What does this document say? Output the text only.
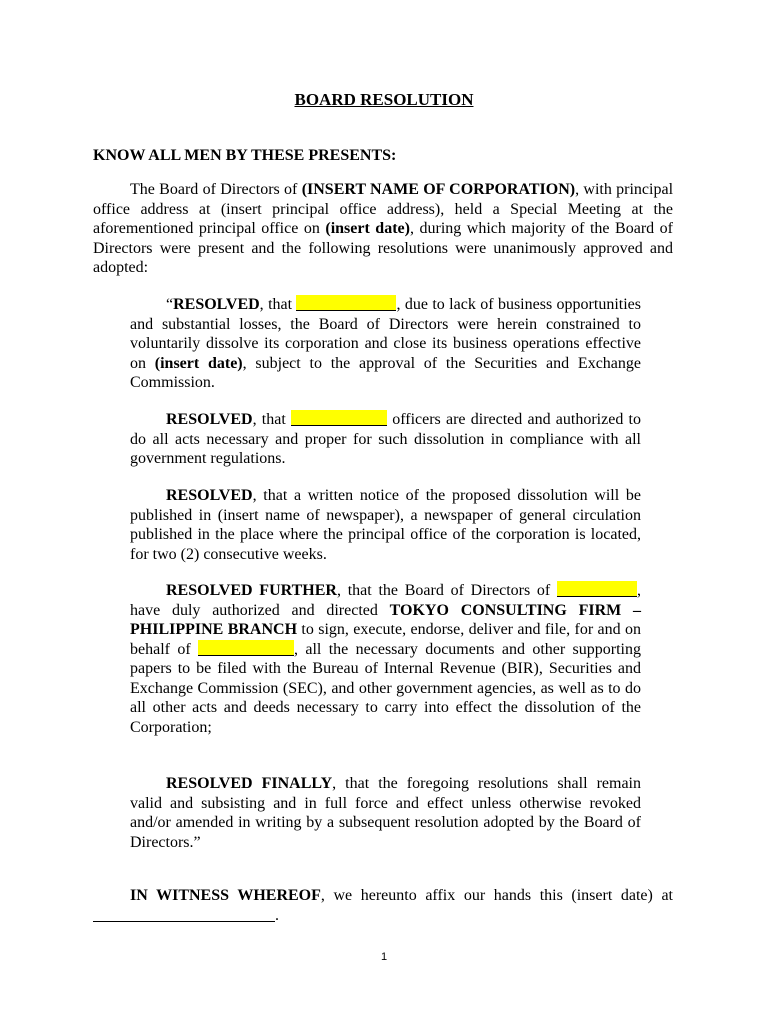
BOARD RESOLUTION
KNOW ALL MEN BY THESE PRESENTS:

The Board of Directors of (INSERT NAME OF CORPORATION), with principal office address at (insert principal office address), held a Special Meeting at the aforementioned principal office on (insert date), during which majority of the Board of Directors were present and the following resolutions were unanimously approved and adopted:

“RESOLVED, that	, due to lack of business opportunities and substantial losses, the Board of Directors were herein constrained to voluntarily dissolve its corporation and close its business operations effective on (insert date), subject to the approval of the Securities and Exchange Commission.

RESOLVED, that	officers are directed and authorized to do all acts necessary and proper for such dissolution in compliance with all government regulations.

RESOLVED, that a written notice of the proposed dissolution will be published in (insert name of newspaper), a newspaper of general circulation published in the place where the principal office of the corporation is located, for two (2) consecutive weeks.

RESOLVED FURTHER, that the Board of Directors of	, have duly authorized and directed TOKYO CONSULTING FIRM – PHILIPPINE BRANCH to sign, execute, endorse, deliver and file, for and on behalf of	, all the necessary documents and other supporting papers to be filed with the Bureau of Internal Revenue (BIR), Securities and Exchange Commission (SEC), and other government agencies, as well as to do all other acts and deeds necessary to carry into effect the dissolution of the Corporation;

RESOLVED FINALLY, that the foregoing resolutions shall remain valid and subsisting and in full force and effect unless otherwise revoked and/or amended in writing by a subsequent resolution adopted by the Board of Directors.”

IN WITNESS WHEREOF, we hereunto affix our hands this (insert date) at .

1
